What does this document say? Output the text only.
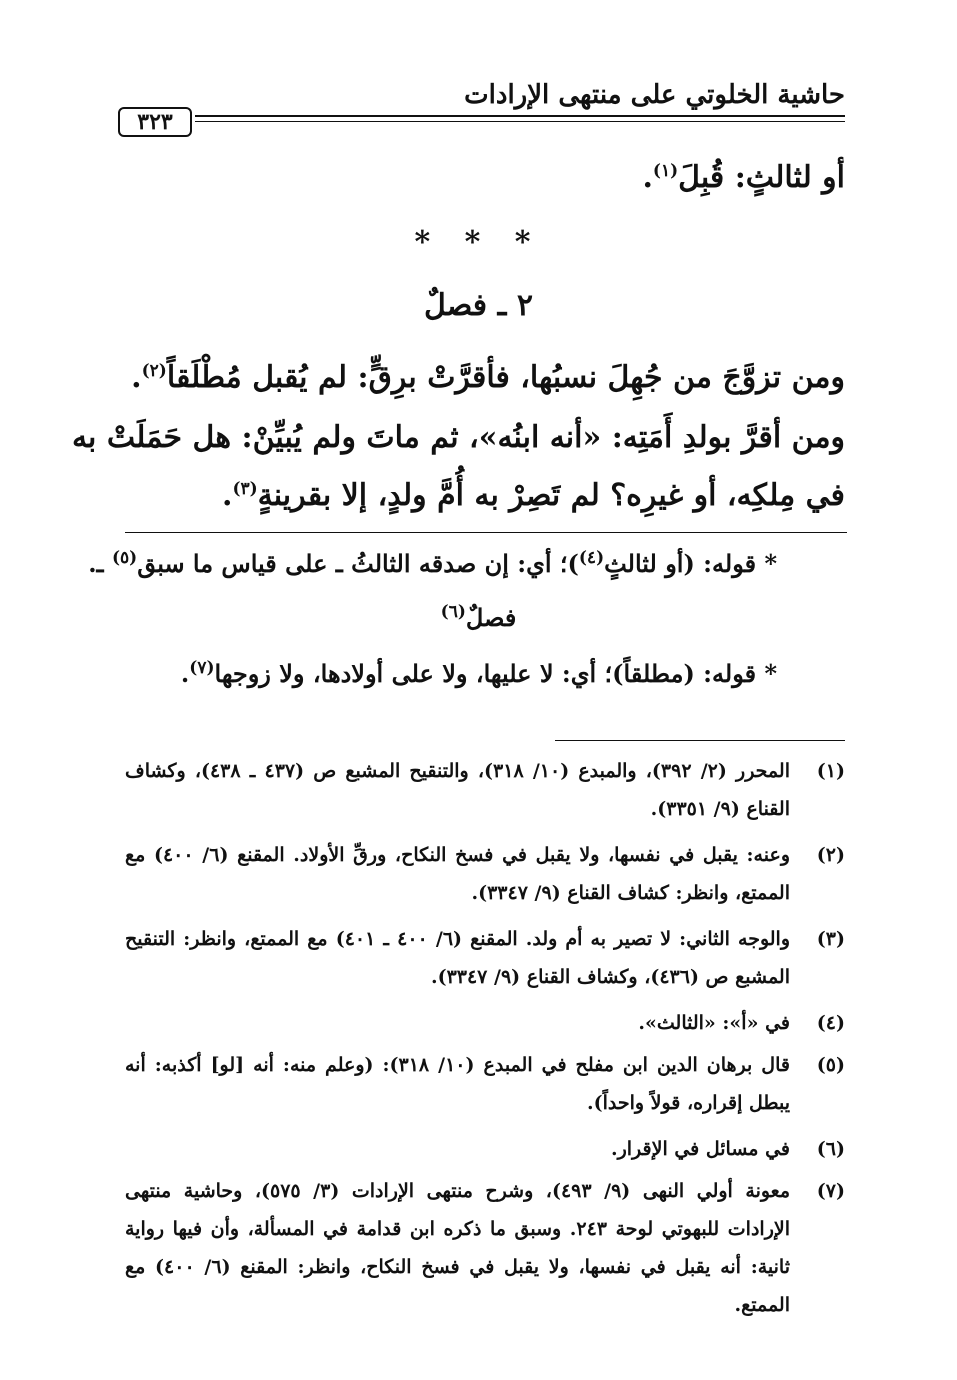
حاشية الخلوتي على منتهى الإرادات
٣٢٣
أو لثالثٍ: قُبِلَ$^{(١)}$.
* * *
٢ ـ فصلٌ
ومن تزوَّجَ من جُهِلَ نسبُها، فأقرَّتْ برِقٍّ: لم يُقبل مُطْلَقاً$^{(٢)}$.
ومن أقرَّ بولدِ أَمَتِه: «أنه ابنُه»، ثم ماتَ ولم يُبيِّنْ: هل حَمَلَتْ به
في مِلكِه، أو غيرِه؟ لم تَصِرْ به أُمَّ ولدٍ، إلا بقرينةٍ$^{(٣)}$.
* قوله: (أو لثالثٍ$^{(٤)}$)؛ أي: إن صدقه الثالثُ ـ على قياس ما سبق$^{(٥)}$ ـ.
فصلٌ$^{(٦)}$
* قوله: (مطلقاً)؛ أي: لا عليها، ولا على أولادها، ولا زوجها$^{(٧)}$.
(١)
المحرر (٢/ ٣٩٢)، والمبدع (١٠/ ٣١٨)، والتنقيح المشبع ص (٤٣٧ ـ ٤٣٨)، وكشاف القناع (٩/ ٣٣٥١).
(٢)
وعنه: يقبل في نفسها، ولا يقبل في فسخ النكاح، ورقِّ الأولاد. المقنع (٦/ ٤٠٠) مع الممتع، وانظر: كشاف القناع (٩/ ٣٣٤٧).
(٣)
والوجه الثاني: لا تصير به أم ولد. المقنع (٦/ ٤٠٠ ـ ٤٠١) مع الممتع، وانظر: التنقيح المشبع ص (٤٣٦)، وكشاف القناع (٩/ ٣٣٤٧).
(٤)
في «أ»: «الثالث».
(٥)
قال برهان الدين ابن مفلح في المبدع (١٠/ ٣١٨): (وعلم منه: أنه [لو] أكذبه: أنه يبطل إقراره، قولاً واحداً).
(٦)
في مسائل في الإقرار.
(٧)
معونة أولي النهى (٩/ ٤٩٣)، وشرح منتهى الإرادات (٣/ ٥٧٥)، وحاشية منتهى الإرادات للبهوتي لوحة ٢٤٣. وسبق ما ذكره ابن قدامة في المسألة، وأن فيها رواية ثانية: أنه يقبل في نفسها، ولا يقبل في فسخ النكاح، وانظر: المقنع (٦/ ٤٠٠) مع الممتع.
